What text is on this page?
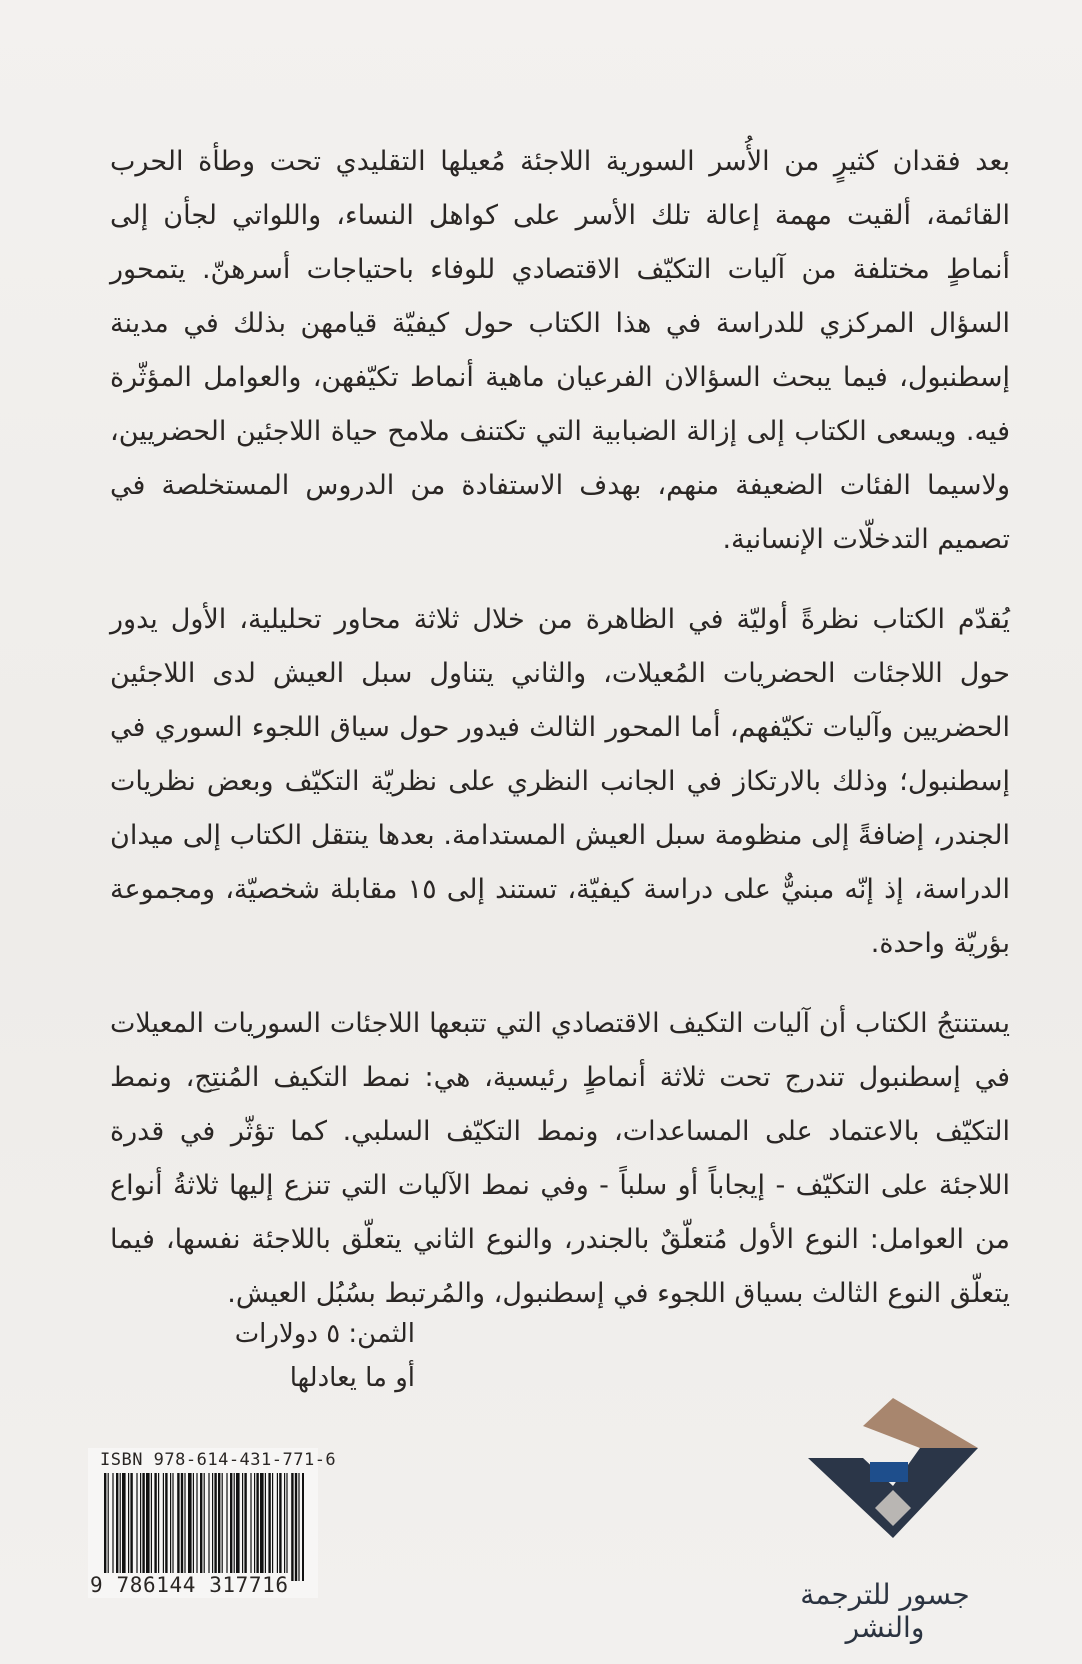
بعد فقدان كثيرٍ من الأُسر السورية اللاجئة مُعيلها التقليدي تحت وطأة الحرب القائمة، ألقيت مهمة إعالة تلك الأسر على كواهل النساء، واللواتي لجأن إلى أنماطٍ مختلفة من آليات التكيّف الاقتصادي للوفاء باحتياجات أسرهنّ. يتمحور السؤال المركزي للدراسة في هذا الكتاب حول كيفيّة قيامهن بذلك في مدينة إسطنبول، فيما يبحث السؤالان الفرعيان ماهية أنماط تكيّفهن، والعوامل المؤثّرة فيه. ويسعى الكتاب إلى إزالة الضبابية التي تكتنف ملامح حياة اللاجئين الحضريين، ولاسيما الفئات الضعيفة منهم، بهدف الاستفادة من الدروس المستخلصة في تصميم التدخلّات الإنسانية.

يُقدّم الكتاب نظرةً أوليّة في الظاهرة من خلال ثلاثة محاور تحليلية، الأول يدور حول اللاجئات الحضريات المُعيلات، والثاني يتناول سبل العيش لدى اللاجئين الحضريين وآليات تكيّفهم، أما المحور الثالث فيدور حول سياق اللجوء السوري في إسطنبول؛ وذلك بالارتكاز في الجانب النظري على نظريّة التكيّف وبعض نظريات الجندر، إضافةً إلى منظومة سبل العيش المستدامة. بعدها ينتقل الكتاب إلى ميدان الدراسة، إذ إنّه مبنيٌّ على دراسة كيفيّة، تستند إلى ١٥ مقابلة شخصيّة، ومجموعة بؤريّة واحدة.

يستنتجُ الكتاب أن آليات التكيف الاقتصادي التي تتبعها اللاجئات السوريات المعيلات في إسطنبول تندرج تحت ثلاثة أنماطٍ رئيسية، هي: نمط التكيف المُنتِج، ونمط التكيّف بالاعتماد على المساعدات، ونمط التكيّف السلبي. كما تؤثّر في قدرة اللاجئة على التكيّف - إيجاباً أو سلباً - وفي نمط الآليات التي تنزع إليها ثلاثةُ أنواع من العوامل: النوع الأول مُتعلّقٌ بالجندر، والنوع الثاني يتعلّق باللاجئة نفسها، فيما يتعلّق النوع الثالث بسياق اللجوء في إسطنبول، والمُرتبط بسُبُل العيش.

الثمن: ٥ دولارات
أو ما يعادلها
ISBN 978-614-431-771-6
9 786144 317716	جسور للترجمة والنشر
